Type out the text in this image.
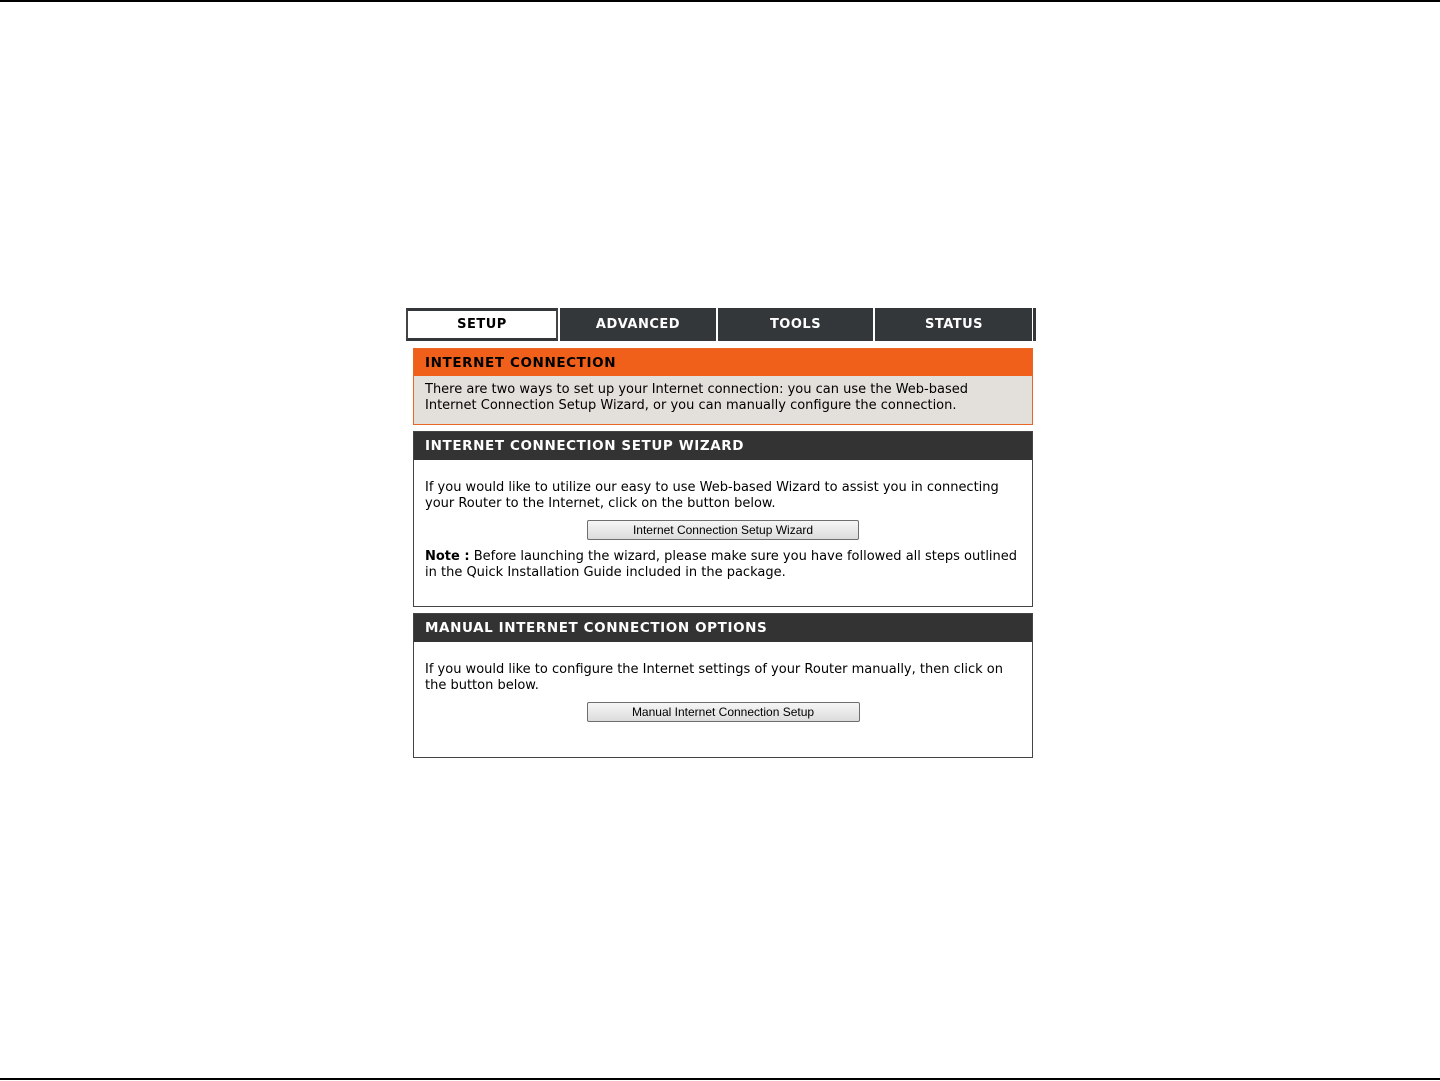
SETUP	ADVANCED	TOOLS	STATUS
INTERNET CONNECTION

There are two ways to set up your Internet connection: you can use the Web-based Internet Connection Setup Wizard, or you can manually configure the connection.

INTERNET CONNECTION SETUP WIZARD

If you would like to utilize our easy to use Web-based Wizard to assist you in connecting your Router to the Internet, click on the button below.

Internet Connection Setup Wizard

Note : Before launching the wizard, please make sure you have followed all steps outlined in the Quick Installation Guide included in the package.

MANUAL INTERNET CONNECTION OPTIONS

If you would like to configure the Internet settings of your Router manually, then click on the button below.

Manual Internet Connection Setup
